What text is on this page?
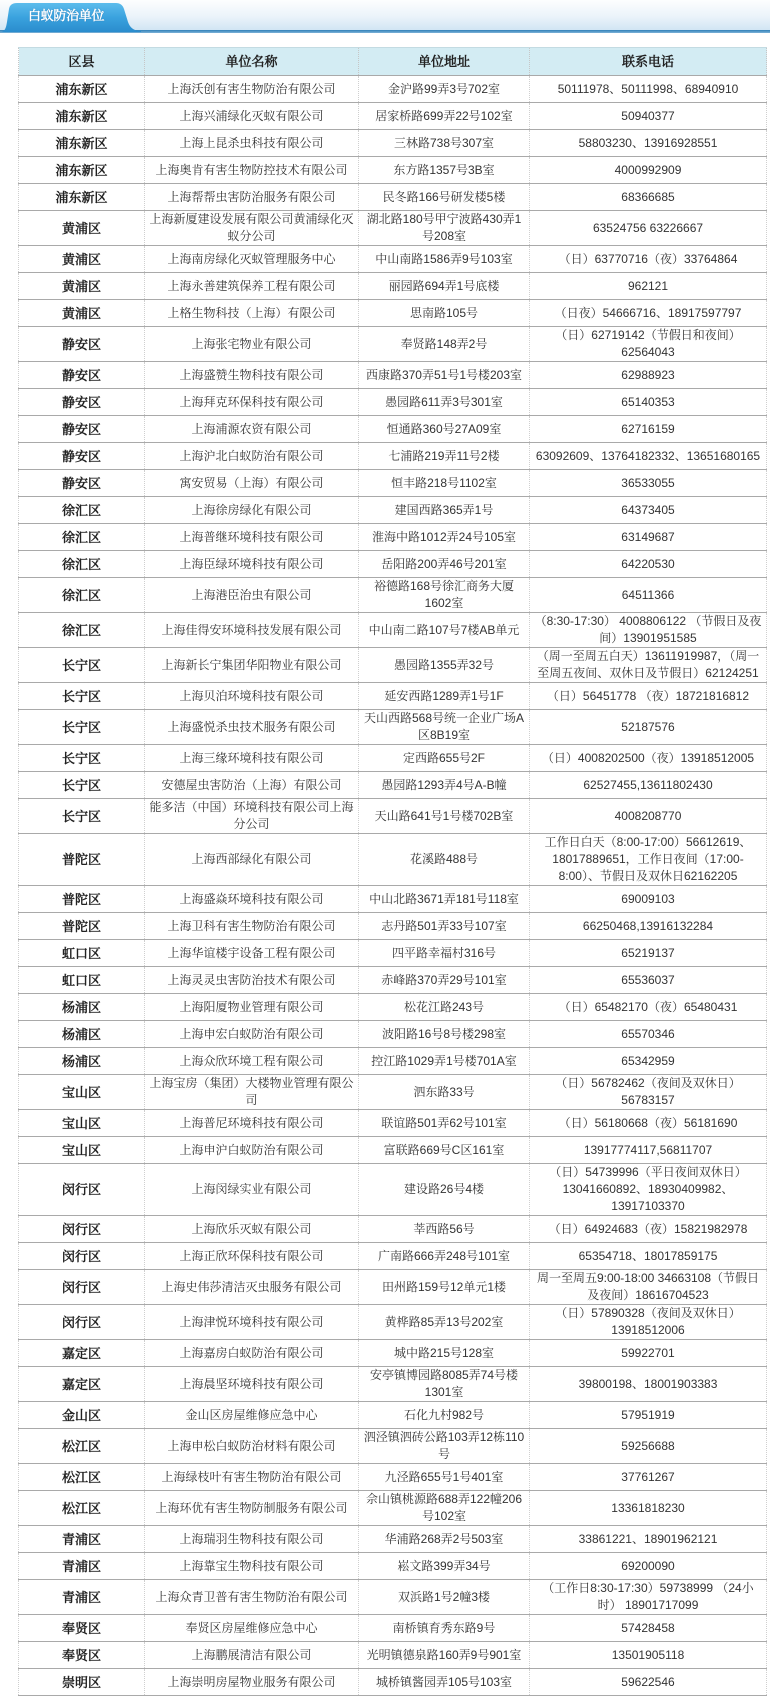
白蚁防治单位
区县	单位名称	单位地址	联系电话
浦东新区	上海沃创有害生物防治有限公司	金沪路99弄3号702室	50111978、50111998、68940910
浦东新区	上海兴浦绿化灭蚁有限公司	居家桥路699弄22号102室	50940377
浦东新区	上海上昆杀虫科技有限公司	三林路738号307室	58803230、13916928551
浦东新区	上海奥肯有害生物防控技术有限公司	东方路1357号3B室	4000992909
浦东新区	上海帮帮虫害防治服务有限公司	民冬路166号研发楼5楼	68366685
黄浦区	上海新厦建设发展有限公司黄浦绿化灭蚁分公司	湖北路180号甲宁波路430弄1号208室	63524756 63226667
黄浦区	上海南房绿化灭蚁管理服务中心	中山南路1586弄9号103室	（日）63770716（夜）33764864
黄浦区	上海永善建筑保养工程有限公司	丽园路694弄1号底楼	962121
黄浦区	上格生物科技（上海）有限公司	思南路105号	（日夜）54666716、18917597797
静安区	上海张宅物业有限公司	奉贤路148弄2号	（日）62719142（节假日和夜间）62564043
静安区	上海盛赞生物科技有限公司	西康路370弄51号1号楼203室	62988923
静安区	上海拜克环保科技有限公司	愚园路611弄3号301室	65140353
静安区	上海浦源农资有限公司	恒通路360号27A09室	62716159
静安区	上海沪北白蚁防治有限公司	七浦路219弄11号2楼	63092609、13764182332、13651680165
静安区	寓安贸易（上海）有限公司	恒丰路218号1102室	36533055
徐汇区	上海徐房绿化有限公司	建国西路365弄1号	64373405
徐汇区	上海普继环境科技有限公司	淮海中路1012弄24号105室	63149687
徐汇区	上海臣绿环境科技有限公司	岳阳路200弄46号201室	64220530
徐汇区	上海港臣治虫有限公司	裕德路168号徐汇商务大厦1602室	64511366
徐汇区	上海佳得安环境科技发展有限公司	中山南二路107号7楼AB单元	（8:30-17:30） 4008806122 （节假日及夜间）13901951585
长宁区	上海新长宁集团华阳物业有限公司	愚园路1355弄32号	（周一至周五白天）13611919987，（周一至周五夜间、双休日及节假日）62124251
长宁区	上海贝泊环境科技有限公司	延安西路1289弄1号1F	（日）56451778 （夜）18721816812
长宁区	上海盛悦杀虫技术服务有限公司	天山西路568号统一企业广场A区8B19室	52187576
长宁区	上海三缘环境科技有限公司	定西路655号2F	（日）4008202500（夜）13918512005
长宁区	安德屋虫害防治（上海）有限公司	愚园路1293弄4号A-B幢	62527455,13611802430
长宁区	能多洁（中国）环境科技有限公司上海分公司	天山路641号1号楼702B室	4008208770
普陀区	上海西部绿化有限公司	花溪路488号	工作日白天（8:00-17:00）56612619、18017889651，工作日夜间（17:00-8:00）、节假日及双休日62162205
普陀区	上海盛焱环境科技有限公司	中山北路3671弄181号118室	69009103
普陀区	上海卫科有害生物防治有限公司	志丹路501弄33号107室	66250468,13916132284
虹口区	上海华谊楼宇设备工程有限公司	四平路幸福村316号	65219137
虹口区	上海灵灵虫害防治技术有限公司	赤峰路370弄29号101室	65536037
杨浦区	上海阳厦物业管理有限公司	松花江路243号	（日）65482170（夜）65480431
杨浦区	上海申宏白蚁防治有限公司	波阳路16号8号楼298室	65570346
杨浦区	上海众欣环境工程有限公司	控江路1029弄1号楼701A室	65342959
宝山区	上海宝房（集团）大楼物业管理有限公司	泗东路33号	（日）56782462（夜间及双休日）56783157
宝山区	上海普尼环境科技有限公司	联谊路501弄62号101室	（日）56180668（夜）56181690
宝山区	上海申沪白蚁防治有限公司	富联路669号C区161室	13917774117,56811707
闵行区	上海闵绿实业有限公司	建设路26号4楼	（日）54739996（平日夜间双休日）13041660892、18930409982、13917103370
闵行区	上海欣乐灭蚁有限公司	莘西路56号	（日）64924683（夜）15821982978
闵行区	上海正欣环保科技有限公司	广南路666弄248号101室	65354718、18017859175
闵行区	上海史伟莎清洁灭虫服务有限公司	田州路159号12单元1楼	周一至周五9:00-18:00 34663108（节假日及夜间）18616704523
闵行区	上海津悦环境科技有限公司	黄桦路85弄13号202室	（日）57890328（夜间及双休日）13918512006
嘉定区	上海嘉房白蚁防治有限公司	城中路215号128室	59922701
嘉定区	上海晨坚环境科技有限公司	安亭镇博园路8085弄74号楼1301室	39800198、18001903383
金山区	金山区房屋维修应急中心	石化九村982号	57951919
松江区	上海申松白蚁防治材料有限公司	泗泾镇泗砖公路103弄12栋110号	59256688
松江区	上海绿枝叶有害生物防治有限公司	九泾路655号1号401室	37761267
松江区	上海环优有害生物防制服务有限公司	佘山镇桃源路688弄122幢206号102室	13361818230
青浦区	上海瑞羽生物科技有限公司	华浦路268弄2号503室	33861221、18901962121
青浦区	上海靠宝生物科技有限公司	崧文路399弄34号	69200090
青浦区	上海众青卫普有害生物防治有限公司	双浜路1号2幢3楼	（工作日8:30-17:30）59738999 （24小时） 18901717099
奉贤区	奉贤区房屋维修应急中心	南桥镇育秀东路9号	57428458
奉贤区	上海鹏展清洁有限公司	光明镇德泉路160弄9号901室	13501905118
崇明区	上海崇明房屋物业服务有限公司	城桥镇酱园弄105号103室	59622546
